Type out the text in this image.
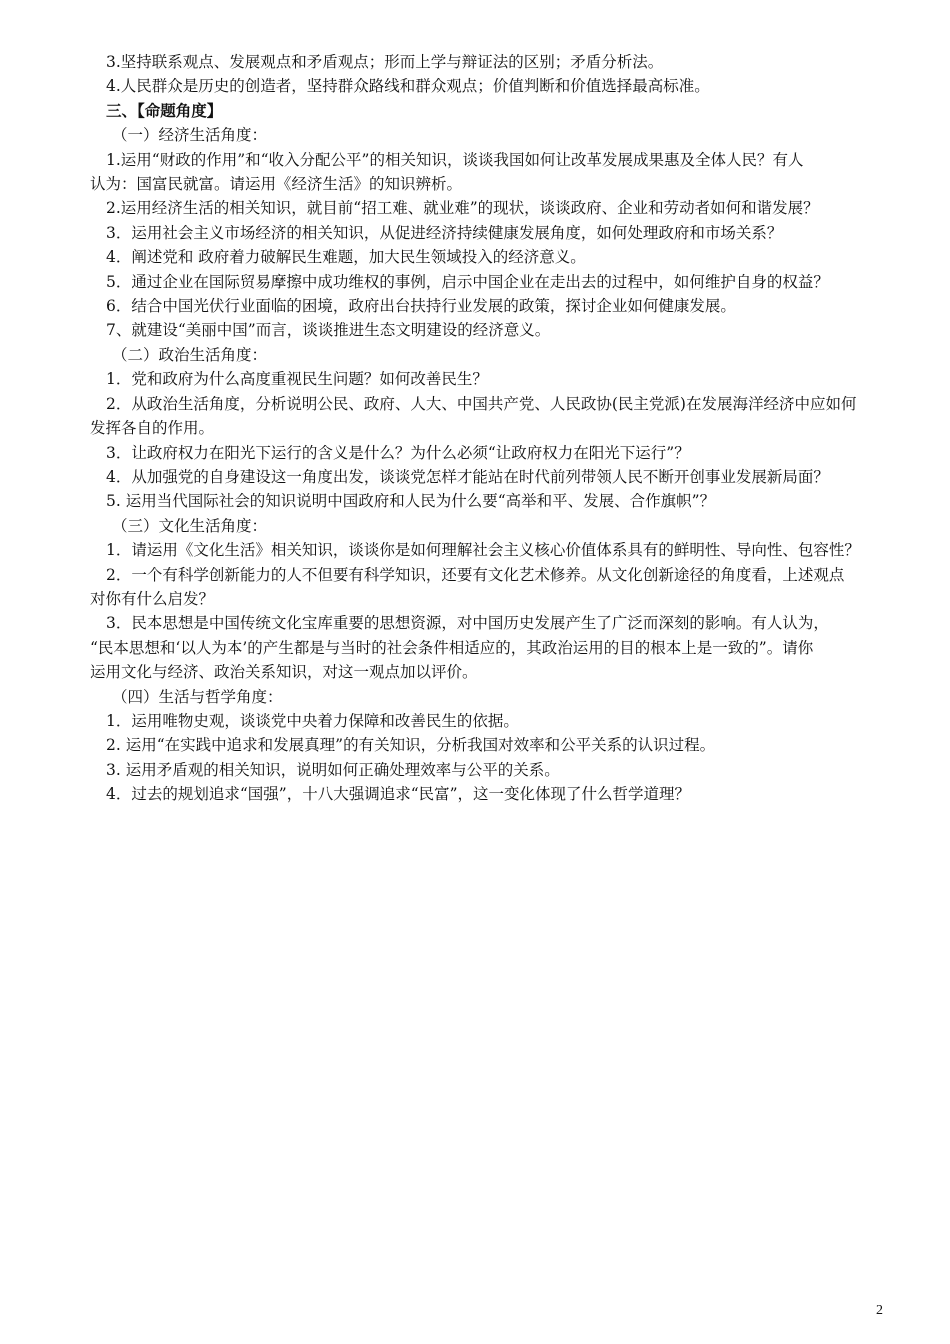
3.坚持联系观点、发展观点和矛盾观点；形而上学与辩证法的区别；矛盾分析法。

4.人民群众是历史的创造者，坚持群众路线和群众观点；价值判断和价值选择最高标准。

三、【命题角度】

（一）经济生活角度：

1.运用“财政的作用”和“收入分配公平”的相关知识，谈谈我国如何让改革发展成果惠及全体人民？有人

认为：国富民就富。请运用《经济生活》的知识辨析。

2.运用经济生活的相关知识，就目前“招工难、就业难”的现状，谈谈政府、企业和劳动者如何和谐发展？

3．运用社会主义市场经济的相关知识，从促进经济持续健康发展角度，如何处理政府和市场关系？

4．阐述党和 政府着力破解民生难题，加大民生领域投入的经济意义。

5．通过企业在国际贸易摩擦中成功维权的事例，启示中国企业在走出去的过程中，如何维护自身的权益？

6．结合中国光伏行业面临的困境，政府出台扶持行业发展的政策，探讨企业如何健康发展。

7、就建设“美丽中国”而言，谈谈推进生态文明建设的经济意义。

（二）政治生活角度：

1．党和政府为什么高度重视民生问题？如何改善民生？

2．从政治生活角度，分析说明公民、政府、人大、中国共产党、人民政协(民主党派)在发展海洋经济中应如何

发挥各自的作用。

3．让政府权力在阳光下运行的含义是什么？为什么必须“让政府权力在阳光下运行”？

4．从加强党的自身建设这一角度出发，谈谈党怎样才能站在时代前列带领人民不断开创事业发展新局面？

5. 运用当代国际社会的知识说明中国政府和人民为什么要“高举和平、发展、合作旗帜”？

（三）文化生活角度：

1．请运用《文化生活》相关知识，谈谈你是如何理解社会主义核心价值体系具有的鲜明性、导向性、包容性？

2．一个有科学创新能力的人不但要有科学知识，还要有文化艺术修养。从文化创新途径的角度看，上述观点

对你有什么启发？

3．民本思想是中国传统文化宝库重要的思想资源，对中国历史发展产生了广泛而深刻的影响。有人认为，

“民本思想和‘以人为本’的产生都是与当时的社会条件相适应的，其政治运用的目的根本上是一致的”。请你

运用文化与经济、政治关系知识，对这一观点加以评价。

（四）生活与哲学角度：

1．运用唯物史观，谈谈党中央着力保障和改善民生的依据。

2. 运用“在实践中追求和发展真理”的有关知识，分析我国对效率和公平关系的认识过程。

3. 运用矛盾观的相关知识，说明如何正确处理效率与公平的关系。

4．过去的规划追求“国强”，十八大强调追求“民富”，这一变化体现了什么哲学道理？

2
